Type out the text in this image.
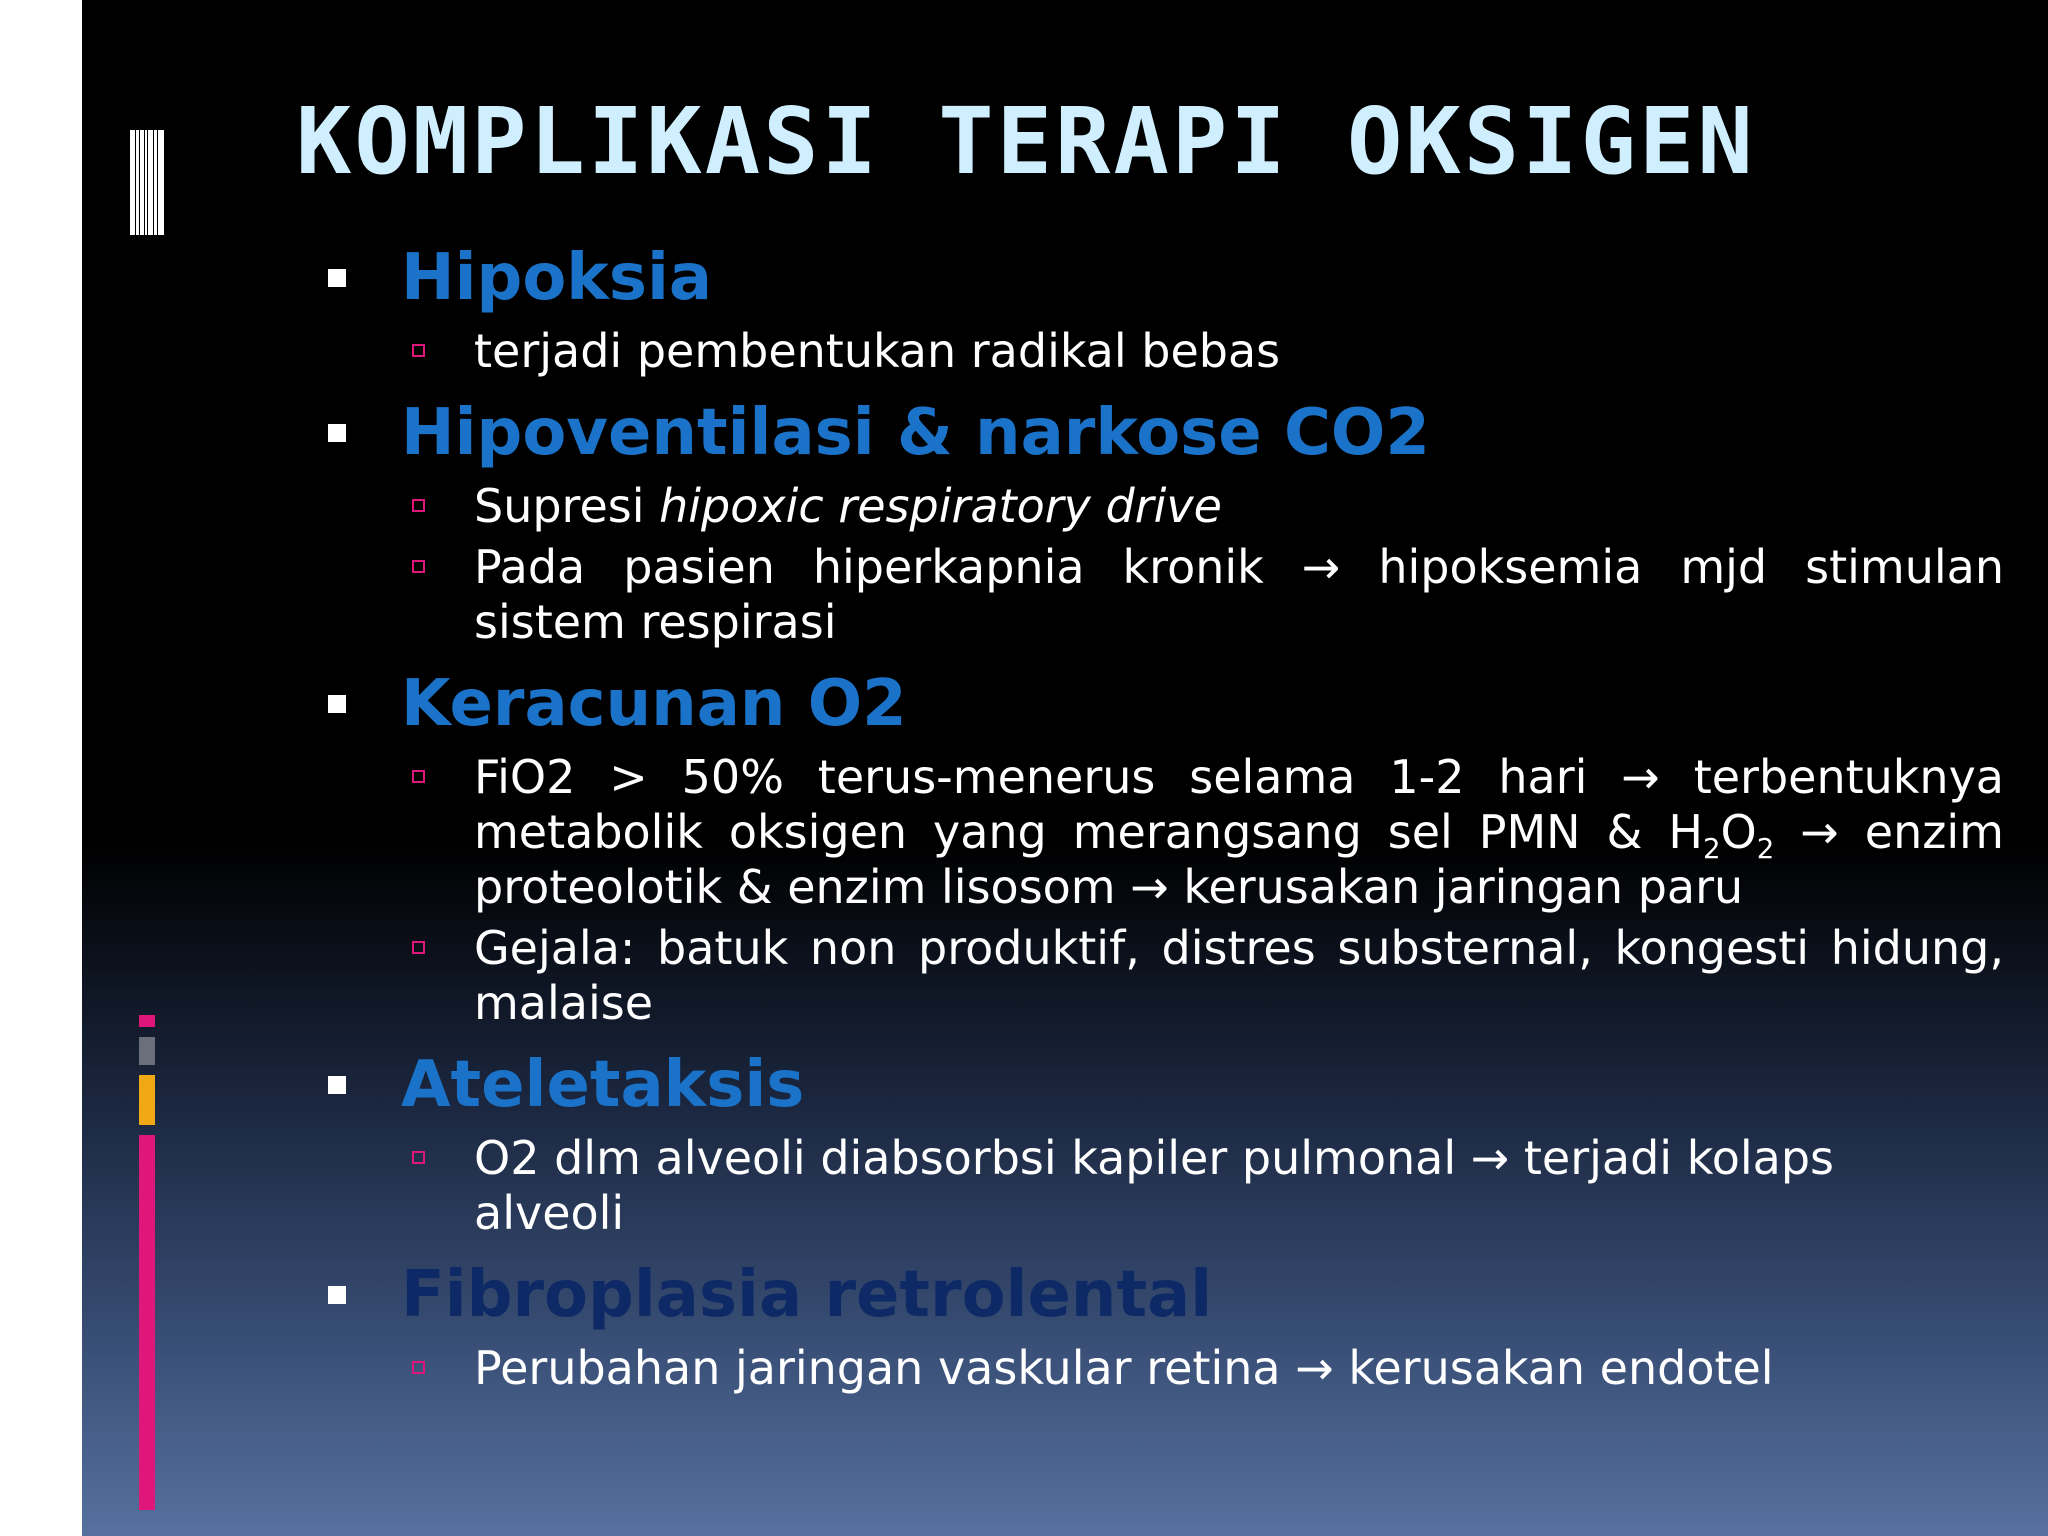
KOMPLIKASI TERAPI OKSIGEN
Hipoksia
terjadi pembentukan radikal bebas
Hipoventilasi & narkose CO2
Supresi hipoxic respiratory drive
Pada pasien hiperkapnia kronik → hipoksemia mjd stimulan sistem respirasi
Keracunan O2
FiO2 > 50% terus-menerus selama 1-2 hari → terbentuknya metabolik oksigen yang merangsang sel PMN & $H_2O_2$ → enzim proteolotik & enzim lisosom → kerusakan jaringan paru
Gejala: batuk non produktif, distres substernal, kongesti hidung, malaise
Ateletaksis
O2 dlm alveoli diabsorbsi kapiler pulmonal → terjadi kolaps alveoli
Fibroplasia retrolental
Perubahan jaringan vaskular retina → kerusakan endotel
